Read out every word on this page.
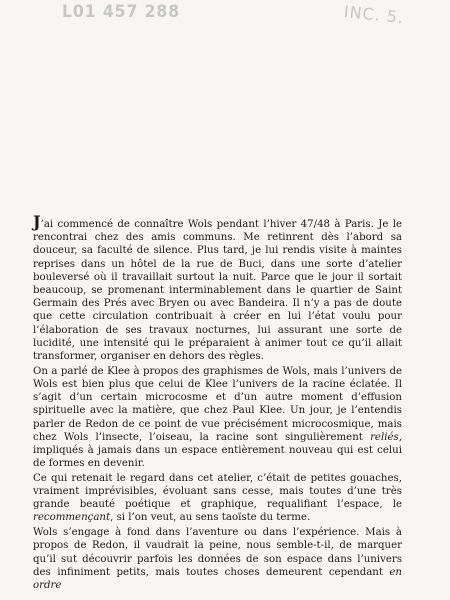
L01 457 288	INC. 5.

J’ai commencé de connaître Wols pendant l’hiver 47/48 à Paris. Je le rencontrai chez des amis communs. Me retinrent dès l’abord sa douceur, sa faculté de silence. Plus tard, je lui rendis visite à maintes reprises dans un hôtel de la rue de Buci, dans une sorte d’atelier bouleversé où il travaillait surtout la nuit. Parce que le jour il sortait beaucoup, se promenant interminablement dans le quartier de Saint Germain des Prés avec Bryen ou avec Bandeira. Il n’y a pas de doute que cette circulation contribuait à créer en lui l’état voulu pour l’élaboration de ses travaux nocturnes, lui assurant une sorte de lucidité, une intensité qui le préparaient à animer tout ce qu’il allait transformer, organiser en dehors des règles.

On a parlé de Klee à propos des graphismes de Wols, mais l’univers de Wols est bien plus que celui de Klee l’univers de la racine éclatée. Il s’agit d’un certain microcosme et d’un autre moment d’effusion spirituelle avec la matière, que chez Paul Klee. Un jour, je l’entendis parler de Redon de ce point de vue précisément microcosmique, mais chez Wols l’insecte, l’oiseau, la racine sont singulièrement reliés, impliqués à jamais dans un espace entièrement nouveau qui est celui de formes en devenir.

Ce qui retenait le regard dans cet atelier, c’était de petites gouaches, vraiment imprévisibles, évoluant sans cesse, mais toutes d’une très grande beauté poétique et graphique, requalifiant l’espace, le recommençant, si l’on veut, au sens taoïste du terme.

Wols s’engage à fond dans l’aventure ou dans l’expérience. Mais à propos de Redon, il vaudrait la peine, nous semble-t-il, de marquer qu’il sut découvrir parfois les données de son espace dans l’univers des infiniment petits, mais toutes choses demeurent cependant en ordre
